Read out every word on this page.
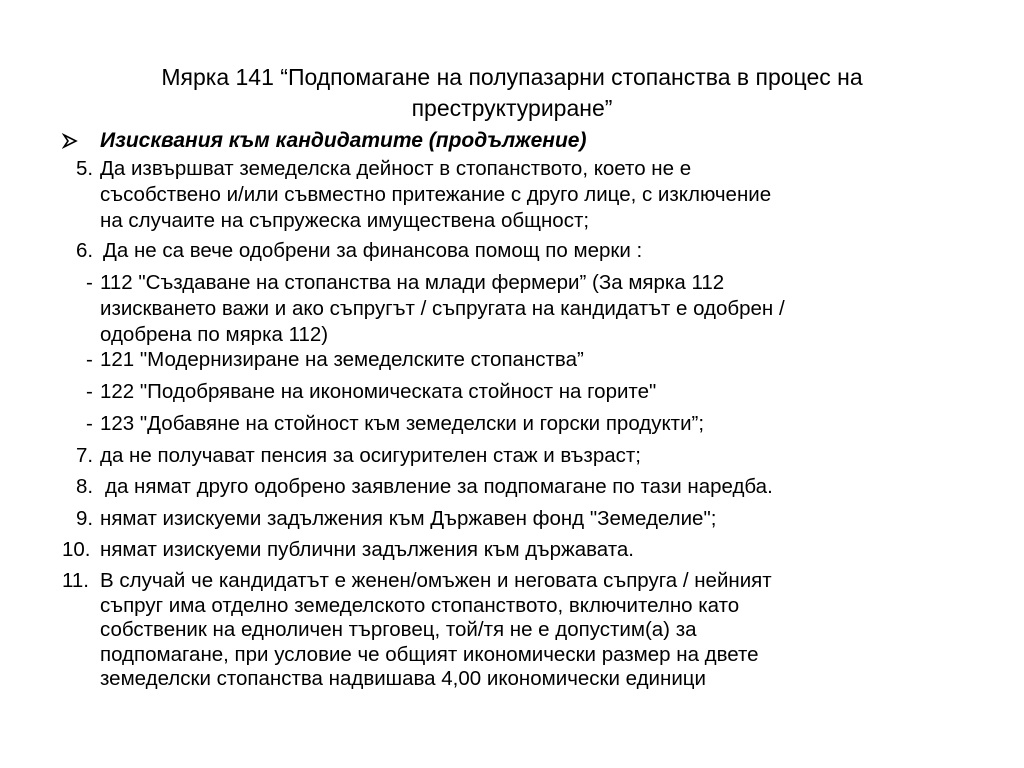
Мярка 141 “Подпомагане на полупазарни стопанства в процес на
преструктуриране”
Изисквания към кандидатите (продължение)
5. Да извършват земеделска дейност в стопанството, което не е
съсобствено и/или съвместно притежание с друго лице, с изключение
на случаите на съпружеска имуществена общност;
6. Да не са вече одобрени за финансова помощ по мерки :
- 112 "Създаване на стопанства на млади фермери” (За мярка 112
изискването важи и ако съпругът / съпругата на кандидатът е одобрен /
одобрена по мярка 112)
- 121 "Модернизиране на земеделските стопанства”
- 122 "Подобряване на икономическата стойност на горите"
- 123 "Добавяне на стойност към земеделски и горски продукти”;
7. да не получават пенсия за осигурителен стаж и възраст;
8. да нямат друго одобрено заявление за подпомагане по тази наредба.
9. нямат изискуеми задължения към Държавен фонд "Земеделие";
10. нямат изискуеми публични задължения към държавата.
11. В случай че кандидатът е женен/омъжен и неговата съпруга / нейният
съпруг има отделно земеделското стопанството, включително като
собственик на едноличен търговец, той/тя не е допустим(а) за
подпомагане, при условие че общият икономически размер на двете
земеделски стопанства надвишава 4,00 икономически единици
